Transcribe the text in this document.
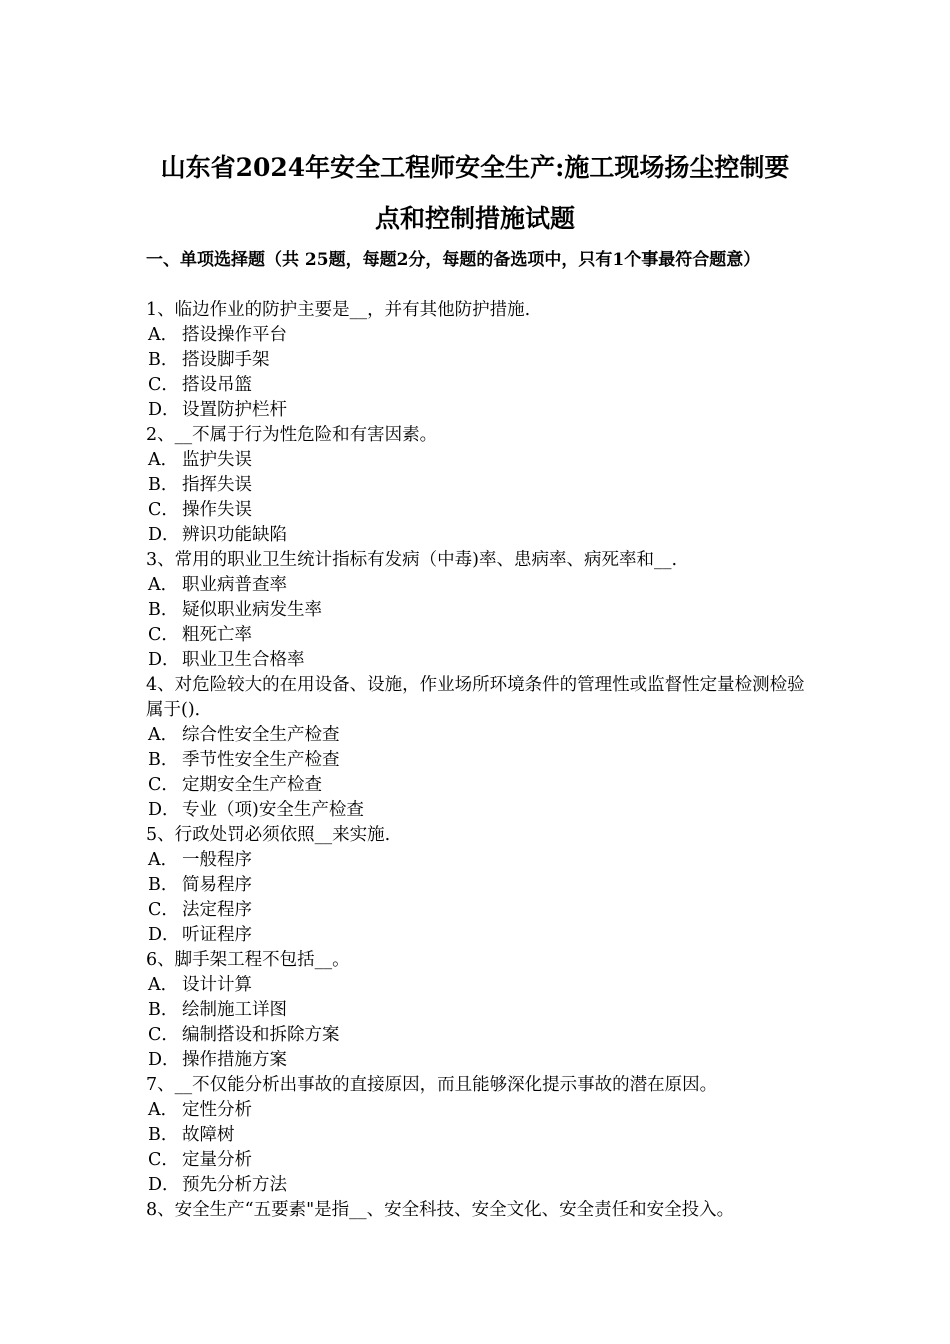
山东省2024年安全工程师安全生产:施工现场扬尘控制要
点和控制措施试题
一、单项选择题（共 25题，每题2分，每题的备选项中，只有1个事最符合题意）
1、临边作业的防护主要是__，并有其他防护措施.
A． 搭设操作平台
B． 搭设脚手架
C． 搭设吊篮
D． 设置防护栏杆
2、__不属于行为性危险和有害因素。
A． 监护失误
B． 指挥失误
C． 操作失误
D． 辨识功能缺陷
3、常用的职业卫生统计指标有发病（中毒)率、患病率、病死率和__.
A． 职业病普查率
B． 疑似职业病发生率
C． 粗死亡率
D． 职业卫生合格率
4、对危险较大的在用设备、设施，作业场所环境条件的管理性或监督性定量检测检验属于()．
A． 综合性安全生产检查
B． 季节性安全生产检查
C． 定期安全生产检查
D． 专业（项)安全生产检查
5、行政处罚必须依照__来实施.
A． 一般程序
B． 简易程序
C． 法定程序
D． 听证程序
6、脚手架工程不包括__。
A． 设计计算
B． 绘制施工详图
C． 编制搭设和拆除方案
D． 操作措施方案
7、__不仅能分析出事故的直接原因，而且能够深化提示事故的潜在原因。
A． 定性分析
B． 故障树
C． 定量分析
D． 预先分析方法
8、安全生产“五要素"是指__、安全科技、安全文化、安全责任和安全投入。
